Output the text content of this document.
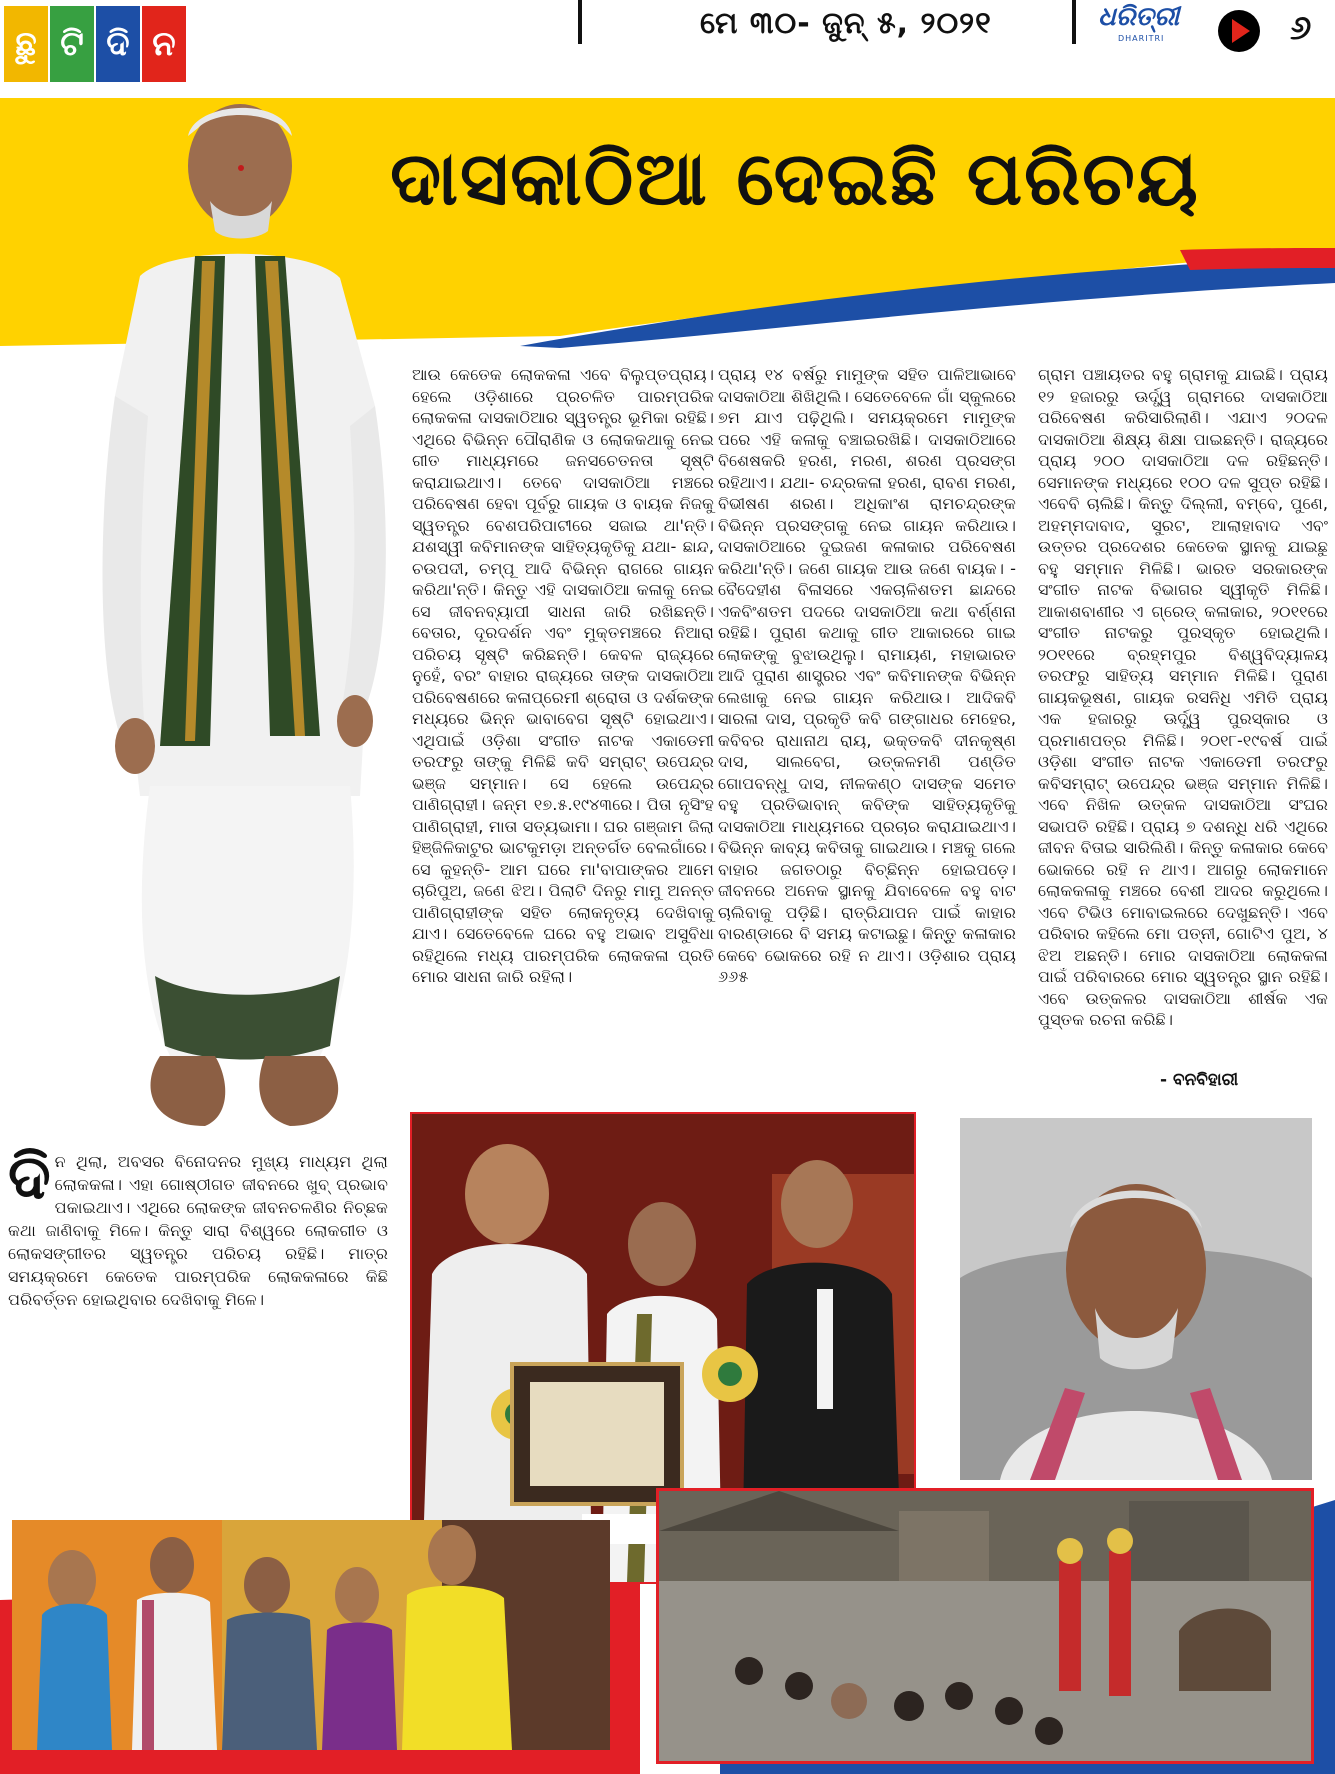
ଛୁ ଟି ଦି ନ
ମେ ୩୦- ଜୁନ୍ ୫, ୨୦୨୧	ଧରିତ୍ରୀ
DHARITRI	୬
ଦାସକାଠିଆ ଦେଇଛି ପରିଚୟ
ଆଉ କେତେକ ଲୋକକଳା ଏବେ ବିଲୁପ୍ତପ୍ରାୟ। ହେଲେ ଓଡ଼ିଶାରେ ପ୍ରଚଳିତ ପାରମ୍ପରିକ ଲୋକକଳା ଦାସକାଠିଆର ସ୍ୱତନ୍ତ୍ର ଭୂମିକା ରହିଛି। ଏଥିରେ ବିଭିନ୍ନ ପୌରାଣିକ ଓ ଲୋକକଥାକୁ ନେଇ ଗୀତ ମାଧ୍ୟମରେ ଜନସଚେତନତା ସୃଷ୍ଟି କରାଯାଇଥାଏ। ତେବେ ଦାସକାଠିଆ ମଞ୍ଚରେ ପରିବେଷଣ ହେବା ପୂର୍ବରୁ ଗାୟକ ଓ ବାୟକ ନିଜକୁ ସ୍ୱତନ୍ତ୍ର ବେଶପରିପାଟୀରେ ସଜାଇ ଥା'ନ୍ତି। ଯଶସ୍ୱୀ କବିମାନଙ୍କ ସାହିତ୍ୟକୃତିକୁ ଯଥା- ଛାନ୍ଦ, ଚଉପଦୀ, ଚମ୍ପୂ ଆଦି ବିଭିନ୍ନ ରାଗରେ ଗାୟନ କରିଥା'ନ୍ତି। କିନ୍ତୁ ଏହି ଦାସକାଠିଆ କଳାକୁ ନେଇ ସେ ଜୀବନବ୍ୟାପୀ ସାଧନା ଜାରି ରଖିଛନ୍ତି। ବେତାର, ଦୂରଦର୍ଶନ ଏବଂ ମୁକ୍ତମଞ୍ଚରେ ନିଆରା ପରିଚୟ ସୃଷ୍ଟି କରିଛନ୍ତି। କେବଳ ରାଜ୍ୟରେ ନୁହେଁ, ବରଂ ବାହାର ରାଜ୍ୟରେ ତାଙ୍କ ଦାସକାଠିଆ ପରିବେଷଣରେ କଳାପ୍ରେମୀ ଶ୍ରୋତା ଓ ଦର୍ଶକଙ୍କ ମଧ୍ୟରେ ଭିନ୍ନ ଭାବାବେଗ ସୃଷ୍ଟି ହୋଇଥାଏ। ଏଥିପାଇଁ ଓଡ଼ିଶା ସଂଗୀତ ନାଟକ ଏକାଡେମୀ ତରଫରୁ ତାଙ୍କୁ ମିଳିଛି କବି ସମ୍ରାଟ୍ ଉପେନ୍ଦ୍ର ଭଞ୍ଜ ସମ୍ମାନ। ସେ ହେଲେ ଉପେନ୍ଦ୍ର ପାଣିଗ୍ରାହୀ। ଜନ୍ମ ୧୭.୫.୧୯୪୩ରେ। ପିତା ନୃସିଂହ ପାଣିଗ୍ରାହୀ, ମାତା ସତ୍ୟଭାମା। ଘର ଗଞ୍ଜାମ ଜିଲା ହିଞ୍ଜିଳିକାଟୁର ଭାଟକୁମଡ଼ା ଅନ୍ତର୍ଗତ ବେଲଗାଁରେ। ସେ କୁହନ୍ତି- ଆମ ଘରେ ମା'ବାପାଙ୍କର ଆମେ ଚାରିପୁଅ, ଜଣେ ଝିଅ। ପିଲାଟି ଦିନରୁ ମାମୁ ଅନନ୍ତ ପାଣିଗ୍ରାହୀଙ୍କ ସହିତ ଲୋକନୃତ୍ୟ ଦେଖିବାକୁ ଯାଏ। ସେତେବେଳେ ଘରେ ବହୁ ଅଭାବ ଅସୁବିଧା ରହିଥିଲେ ମଧ୍ୟ ପାରମ୍ପରିକ ଲୋକକଳା ପ୍ରତି ମୋର ସାଧନା ଜାରି ରହିଲା।
ପ୍ରାୟ ୧୪ ବର୍ଷରୁ ମାମୁଙ୍କ ସହିତ ପାଳିଆଭାବେ ଦାସକାଠିଆ ଶିଖିଥିଲି। ସେତେବେଳେ ଗାଁ ସ୍କୁଲରେ ୭ମ ଯାଏ ପଢ଼ିଥିଲି। ସମୟକ୍ରମେ ମାମୁଙ୍କ ପରେ ଏହି କଳାକୁ ବଞ୍ଚାଇରଖିଛି। ଦାସକାଠିଆରେ ବିଶେଷକରି ହରଣ, ମରଣ, ଶରଣ ପ୍ରସଙ୍ଗ ରହିଥାଏ। ଯଥା- ଚନ୍ଦ୍ରକଳା ହରଣ, ରାବଣ ମରଣ, ବିଭୀଷଣ ଶରଣ। ଅଧିକାଂଶ ରାମଚନ୍ଦ୍ରଙ୍କ ବିଭିନ୍ନ ପ୍ରସଙ୍ଗକୁ ନେଇ ଗାୟନ କରିଥାଉ। ଦାସକାଠିଆରେ ଦୁଇଜଣ କଳାକାର ପରିବେଷଣ କରିଥା'ନ୍ତି। ଜଣେ ଗାୟକ ଆଉ ଜଣେ ବାୟକ। - ବୈଦେହୀଶ ବିଳାସରେ ଏକଚାଳିଶତମ ଛାନ୍ଦରେ ଏକବିଂଶତମ ପଦରେ ଦାସକାଠିଆ କଥା ବର୍ଣ୍ଣନା ରହିଛି। ପୁରାଣ କଥାକୁ ଗୀତ ଆକାରରେ ଗାଇ ଲୋକଙ୍କୁ ବୁଝାଉଥିଲୁ। ରାମାୟଣ, ମହାଭାରତ ଆଦି ପୁରାଣ ଶାସ୍ତ୍ରର ଏବଂ କବିମାନଙ୍କ ବିଭିନ୍ନ ଲେଖାକୁ ନେଇ ଗାୟନ କରିଥାଉ। ଆଦିକବି ସାରଳା ଦାସ, ପ୍ରକୃତି କବି ଗଙ୍ଗାଧର ମେହେର, କବିବର ରାଧାନାଥ ରାୟ, ଭକ୍ତକବି ଦୀନକୃଷ୍ଣ ଦାସ, ସାଲବେଗ, ଉତ୍କଳମଣି ପଣ୍ଡିତ ଗୋପବନ୍ଧୁ ଦାସ, ନୀଳକଣ୍ଠ ଦାସଙ୍କ ସମେତ ବହୁ ପ୍ରତିଭାବାନ୍ କବିଙ୍କ ସାହିତ୍ୟକୃତିକୁ ଦାସକାଠିଆ ମାଧ୍ୟମରେ ପ୍ରଚାର କରାଯାଇଥାଏ। ବିଭିନ୍ନ କାବ୍ୟ କବିତାକୁ ଗାଇଥାଉ। ମଞ୍ଚକୁ ଗଲେ ବାହାର ଜଗତଠାରୁ ବିଚ୍ଛିନ୍ନ ହୋଇପଡ଼େ। ଜୀବନରେ ଅନେକ ସ୍ଥାନକୁ ଯିବାବେଳେ ବହୁ ବାଟ ଚାଲିବାକୁ ପଡ଼ିଛି। ରାତ୍ରିଯାପନ ପାଇଁ କାହାର ବାରଣ୍ଡାରେ ବି ସମୟ କଟାଇଛୁ। କିନ୍ତୁ କଳାକାର କେବେ ଭୋକରେ ରହି ନ ଥାଏ। ଓଡ଼ିଶାର ପ୍ରାୟ ୬୬୫
ଗ୍ରାମ ପଞ୍ଚାୟତର ବହୁ ଗ୍ରାମକୁ ଯାଇଛି। ପ୍ରାୟ ୧୨ ହଜାରରୁ ଊର୍ଦ୍ଧ୍ୱ ଗ୍ରାମରେ ଦାସକାଠିଆ ପରିବେଷଣ କରିସାରିଲାଣି। ଏଯାଏ ୨୦ଦଳ ଦାସକାଠିଆ ଶିକ୍ଷ୍ୟ ଶିକ୍ଷା ପାଇଛନ୍ତି। ରାଜ୍ୟରେ ପ୍ରାୟ ୨୦୦ ଦାସକାଠିଆ ଦଳ ରହିଛନ୍ତି। ସେମାନଙ୍କ ମଧ୍ୟରେ ୧୦୦ ଦଳ ସୁପ୍ତ ରହିଛି। ଏବେବି ଚାଲିଛି। କିନ୍ତୁ ଦିଲ୍ଲୀ, ବମ୍ବେ, ପୁଣେ, ଅହମ୍ମଦାବାଦ, ସୁରଟ, ଆଲାହାବାଦ ଏବଂ ଉତ୍ତର ପ୍ରଦେଶର କେତେକ ସ୍ଥାନକୁ ଯାଇଛୁ ବହୁ ସମ୍ମାନ ମିଳିଛି। ଭାରତ ସରକାରଙ୍କ ସଂଗୀତ ନାଟକ ବିଭାଗର ସ୍ୱୀକୃତି ମିଳିଛି। ଆକାଶବାଣୀର ଏ ଗ୍ରେଡ୍ କଳାକାର, ୨୦୧୧ରେ ସଂଗୀତ ନାଟକରୁ ପୁରସ୍କୃତ ହୋଇଥିଲି। ୨୦୧୧ରେ ବ୍ରହ୍ମପୁର ବିଶ୍ୱବିଦ୍ୟାଳୟ ତରଫରୁ ସାହିତ୍ୟ ସମ୍ମାନ ମିଳିଛି। ପୁରାଣ ଗାୟକଭୂଷଣ, ଗାୟକ ରସନିଧି ଏମିତି ପ୍ରାୟ ଏକ ହଜାରରୁ ଊର୍ଦ୍ଧ୍ୱ ପୁରସ୍କାର ଓ ପ୍ରମାଣପତ୍ର ମିଳିଛି। ୨୦୧୮-୧୯ବର୍ଷ ପାଇଁ ଓଡ଼ିଶା ସଂଗୀତ ନାଟକ ଏକାଡେମୀ ତରଫରୁ କବିସମ୍ରାଟ୍ ଉପେନ୍ଦ୍ର ଭଞ୍ଜ ସମ୍ମାନ ମିଳିଛି। ଏବେ ନିଖିଳ ଉତ୍କଳ ଦାସକାଠିଆ ସଂଘର ସଭାପତି ରହିଛି। ପ୍ରାୟ ୭ ଦଶନ୍ଧି ଧରି ଏଥିରେ ଜୀବନ ବିତାଇ ସାରିଲିଣି। କିନ୍ତୁ କଳାକାର କେବେ ଭୋକରେ ରହି ନ ଥାଏ। ଆଗରୁ ଲୋକମାନେ ଲୋକକଳାକୁ ମଞ୍ଚରେ ବେଶୀ ଆଦର କରୁଥିଲେ। ଏବେ ଟିଭିଓ ମୋବାଇଲରେ ଦେଖୁଛନ୍ତି। ଏବେ ପରିବାର କହିଲେ ମୋ ପତ୍ନୀ, ଗୋଟିଏ ପୁଅ, ୪ ଝିଅ ଅଛନ୍ତି। ମୋର ଦାସକାଠିଆ ଲୋକକଳା ପାଇଁ ପରିବାରରେ ମୋର ସ୍ୱତନ୍ତ୍ର ସ୍ଥାନ ରହିଛି। ଏବେ ଉତ୍କଳର ଦାସକାଠିଆ ଶୀର୍ଷକ ଏକ ପୁସ୍ତକ ରଚନା କରିଛି।
- ବନବିହାରୀ
ଦି ନ ଥିଲା, ଅବସର ବିନୋଦନର ମୁଖ୍ୟ ମାଧ୍ୟମ ଥିଲା ଲୋକକଳା। ଏହା ଗୋଷ୍ଠୀଗତ ଜୀବନରେ ଖୁବ୍ ପ୍ରଭାବ ପକାଇଥାଏ। ଏଥିରେ ଲୋକଙ୍କ ଜୀବନଚଳଣିର ନିଚ୍ଛକ କଥା ଜାଣିବାକୁ ମିଳେ। କିନ୍ତୁ ସାରା ବିଶ୍ୱରେ ଲୋକଗୀତ ଓ ଲୋକସଙ୍ଗୀତର ସ୍ୱତନ୍ତ୍ର ପରିଚୟ ରହିଛି। ମାତ୍ର ସମୟକ୍ରମେ କେତେକ ପାରମ୍ପରିକ ଲୋକକଳାରେ କିଛି ପରିବର୍ତ୍ତନ ହୋଇଥିବାର ଦେଖିବାକୁ ମିଳେ।
